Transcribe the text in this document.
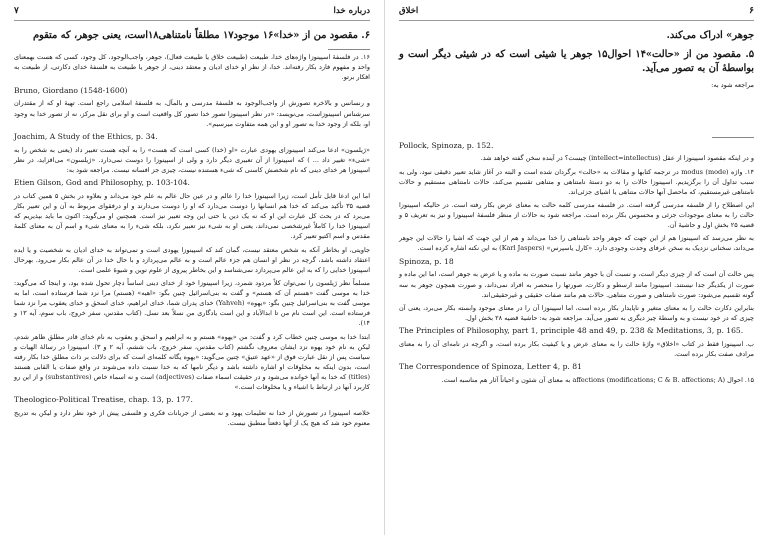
درباره خدا
۷

۶. مقصود من از «خدا»۱۶ موجود۱۷ مطلقاً نامتناهی۱۸است، یعنی جوهر، که متقوم

۱۶. در فلسفهٔ اسپینوزا واژه‌های خدا، طبیعت (طبیعت خلاق یا طبیعت فعال)، جوهر، واجب‌الوجود، کل وجود، کسی که هست بهمعنای واحد و مفهوم فارد بکار رفته‌اند. خدا، از نظر او خدای ادیان و معتقد دینی، از جوهر یا طبیعت به فلسفهٔ خدای دکارتی، از طبیعت به افکار برتو.

Bruno, Giordano (1548-1600)

و رنسانس و بالاخره تصورش از واجب‌الوجود به فلسفهٔ مدرسی و بالمآل، به فلسفهٔ اسلامی راجع است. تهیهٔ او که از مقتدران سرشناس اسپینوزاست، می‌نویسد: «در نظر اسپینوزا تصور خدا تصور کل واقعیت است و او برای نقل مرکز، نه از تصور خدا به وجود او، بلکه از وجود خدا به تصور او و این همه متفاوت میرسیم».

Joachim, A Study of the Ethics, p. 34.

«ژیلسون» ادعا می‌کند اسپینوزای یهودی عبارت «او (خدا) کسی است که هست» را به آنچه هست تعبیر داد (یعنی به شخص را به «شیء» تغییر داد ... ) که اسپینوزا از آن تعبیری دیگر دارد و ولی از اسپینوزا را دوست نمی‌دارد. «ژیلسون» می‌افزاید، در نظر اسپینوزا هر خدای دینی که نام شخصش کاسنی که شیء هستنده نیست، چیزی جز افسانه نیست. مراجعه شود به:

Etien Gilson, God and Philosophy, p. 103-104.

اما این ادعا قابل تأمل است، زیرا اسپینوزا خدا را عالم و در عین حال عالم به علم خود می‌داند و بعلاوه در بخش ۵ همین کتاب در قضیه ۳۵ تأکید می‌کند که خدا هم انسانها را دوست می‌دارد که او را دوست می‌دارند و او درفقوای مربوط به آن و این تعبیر بکار می‌برد که در بحث کل عبارت این او که نه یک دین یا حتی این وجه تعبیر نیز است. همچنین او می‌گوید: اکنون ما باید بپذیریم که اسپینوزا خدا را کاملاً غیرشخصی نمی‌داند، یعنی او به شیء نیز تعبیر نکرد، بلکه شیء را به معنای شیء و اسم آن به معنای کلمهٔ مقدس و اسم اکتیو تعبیر کرد.

جاویتی، او بخاطر آنکه به شخص معتقد نیست، گمان کند که اسپینوزا یهودی است و نمی‌تواند به خدای ادیان به شخصیت و یا ایده اعتقاد داشته باشد، گرچه در نظر او انسان هم جزء عالم است و به عالم می‌پردازد و با حال خدا در آن عالم بکار می‌رود. بهرحال اسپینوزا خدایی را که به این عالم می‌پردازد نمی‌شناسد و این بخاطر پیروی از علوم نوین و شیوهٔ علمی است.

مسلماً نظر ژیلسون را نمی‌توان کلاً مردود شمرد، زیرا اسپینوزا خود از خدای دینی اساساً دچار تحول شده بود، و اینجا که می‌گوید: خدا به موسی گفت «هستم آن که هستم» و گفت به بنی‌اسرائیل چنین بگو: «اهیه» (هستم) مرا نزد شما فرستاده است، اما به موسی گفت به بنی‌اسرائیل چنین بگو: «یهوه» (Yahveh) خدای پدران شما، خدای ابراهیم، خدای اسحق و خدای یعقوب مرا نزد شما فرستاده است. این است نام من تا ابدالآباد و این است یادگاری من نسلاً بعد نسل. (کتاب مقدس، سفر خروج، باب سوم، آیه ۱۳ و ۱۴).

ابتدا خدا به موسی چنین خطاب کرد و گفت: من «یهوه» هستم و به ابراهیم و اسحق و یعقوب به نام خدای قادر مطلق ظاهر شدم، لیکن به نام خود یهوه نزد ایشان معروف نگشتم (کتاب مقدس، سفر خروج، باب ششم، آیه ۲ و ۳). اسپینوزا در رسالهٔ الهیات و سیاست پس از نقل عبارت فوق از «عهد عتیق» چنین می‌گوید: «یهوه یگانه کلمه‌ای است که برای دلالت بر ذات مطلق خدا بکار رفته است، بدون اینکه به مخلوقات او اشاره داشته باشد و دیگر نامها که به خدا نسبت داده می‌شوند در واقع صفات یا القابی هستند (titles) که خدا به آنها خوانده می‌شود و در حقیقت اسماء صفات (adjectives) است و نه اسماء خاص (substantives) و از این رو کاربرد آنها در ارتباط با اشیاء و یا مخلوقات است.»

Theologico-Political Treatise, chap. 13, p. 177.

خلاصه اسپینوزا در تصورش از خدا نه تعلیمات یهود و نه بعضی از جریانات فکری و فلسفی پیش از خود نظر دارد و لیکن به تدریج معنوم خود شد که هیچ یک از آنها دفعتاً منطبق نیست.

۶
اخلاق

جوهر» ادراک می‌کند.

۵. مقصود من از «حالت»۱۴ احوال۱۵ جوهر یا شیئی است که در شیئی دیگر است و بواسطهٔ آن به تصور می‌آید.

مراجعه شود به:

Pollock, Spinoza, p. 152.

و در اینکه مقصود اسپینوزا از عقل (intellect=intellectus) چیست؟ در آینده سخن گفته خواهد شد.

۱۴. واژه modus (mode) در ترجمه کتابها و مقالات به «حالت» برگردان شده است و البته در آغاز شاید تعبیر دقیقی نبود، ولی به سبب تداول آن را برگزیدیم. اسپینوزا حالات را به دو دستهٔ نامتناهی و متناهی تقسیم می‌کند، حالات نامتناهی مستقیم و حالات نامتناهی غیرمستقیم، که ماحصل آنها حالات متناهی یا اشیای جزئی‌اند.

این اصطلاح را از فلسفه مدرسی گرفته است. در فلسفه مدرسی کلمه حالت به معنای عرض بکار رفته است. در حالیکه اسپینوزا حالت را به معنای موجودات جزئی و محسوس بکار برده است. مراجعه شود به حالات از منظر فلسفهٔ اسپینوزا و نیز به تعریف ۵ و قضیه ۲۵ بخش اول و حاشیهٔ آن.

به نظر می‌رسد که اسپینوزا هم از این جهت که جوهر واحد نامتناهی را خدا می‌داند و هم از این جهت که اشیا را حالات این جوهر می‌داند، سخنانی نزدیک به سخن عرفای وحدت وجودی دارد. «کارل یاسپرس» (Karl Jaspers) به این نکته اشاره کرده است.

Spinoza, p. 18

پس حالت آن است که از چیزی دیگر است، و نسبت آن با جوهر مانند نسبت صورت به ماده و یا عرض به جوهر است، اما این ماده و صورت از یکدیگر جدا نیستند. اسپینوزا مانند ارسطو و دکارت، صورتها را منحصر به افراد نمی‌داند، و صورت همچون جوهر به سه گونه تقسیم می‌شود: صورت نامتناهی و صورت متناهی. حالات هم مانند صفات حقیقی و غیرحقیقی‌اند.

بنابراین دکارت حالت را به معنای متغیر و ناپایدار بکار برده است، اما اسپینوزا آن را در معنای موجود وابسته بکار می‌برد، یعنی آن چیزی که در خود نیست و به واسطهٔ چیز دیگری به تصور می‌آید. مراجعه شود به: حاشیهٔ قضیه ۲۸ بخش اول.

The Principles of Philosophy, part 1, principle 48 and 49, p. 238 & Meditations, 3, p. 165.

ب. اسپینوزا فقط در کتاب «اخلاق» واژهٔ حالت را به معنای عرض و یا کیفیت بکار برده است، و اگرچه در نامه‌ای آن را به معنای مرادف صفت بکار برده است.

The Correspondence of Spinoza, Letter 4, p. 81

۱۵. احوال affections (modifications; C & B. affections; A) به معنای آن شئون و احیاناً آثار هم مناسبه است.
